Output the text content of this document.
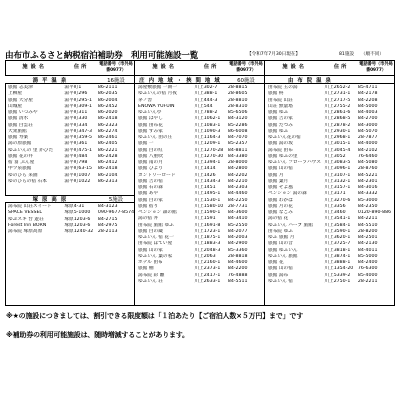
由布市ふるさと納税宿泊補助券　利用可能施設一覧	【令和7年7月30日現在】	81施設　　（順不同）
施設名	住所	電話番号（市外局番0977）
湯平温泉	16施設
旅館 志美津	湯平町1	86-2111
上柳屋	湯平町296	86-2035
旅館 大分屋	湯平町295-1	86-2004
山城屋	湯平町309-1	86-2452
旅館 いづみや	湯平町311	86-2020
旅館 清水	湯平町330	86-2418
旅館 白雲荘	湯平町334	86-2323
大衆旅館	湯平町347-3	86-2274
旅館 寿楽	湯平町359-5	86-2461
湯の原旅館	湯平町361	86-2405
ゆふいんの 里 かひた	湯平町475-1	86-2221
旅館 花の井	湯平町484	86-2428
宿 富 ぶん屋	湯平町798	86-2412
中ツ泉旅館	湯平町63-15	86-2418
ゆのひら 来園	湯平町1007	86-2104
ゆのひらの宿 石本	湯平町1022	86-2313
塚原高原	5施設
湯布院 山荘スイート	塚原4-31	84-3123
SPACE VESSEL	塚原5-1000	090-9677-8574
ゆぷスキ 台 遊荘	塚原1203-6	84-2715
Forest Inn BORN	塚原1203-6	84-2975
湯布院 塚原高原	塚原1240-32 28-2113
施設名	住所	電話番号（市外局番0977）
庄内地域・挾間地域	60施設
湯屋敷旅館 一期一	川上302-7	28-8815
ゆふいんの宿 月夜	川上388-1	28-8605
茅ノ舎	川上444-3	28-8810
ENOWA YUFUIN	川上544	28-8310
ゆふいん亭	川上788-2	85-6506
旅館 はやし	川上1062-1	84-3120
旅館 由布花	川上1083-1	85-2286
旅館 すみ家	川上1090-3	86-6008
ゆふいん 由の庄	川上1164-3	84-7070
旅館 一	川上1209-1	85-2357
旅館 白の紅	川上1270-28 84-8811
旅館 八重吹	川上1270-30 84-3380
旅館 南の月	川上1394-1	28-8000
旅館 ひより	川上1414	84-2800
カントリーロード	川上1426	84-2202
旅館 吉の宿	川上1434-3	84-2210
旅館 石の森	川上1451	84-2303
旅館 あや	川上1495-1	84-4460
旅館 白の家	川上1530-1	84-2250
旅館 宿り	川上1580-10 28-7731
ペンション 森の館	川上1590-1	84-3600
湯の宿 井	川上1591	84-3410
由布院 旅館 ゆふ	川上1691-8	85-2550
旅館 白の蔵	川上1723-1	84-2077
ゆふいん 宿 花一	川上1875-1	84-2003
由布院 ほてい屋	川上1883-3	84-2900
旅館 山の家	川上2048-3	85-3360
ゆふいん 葉の家	川上2063	28-8818
ホテル 由布	川上2160-1	84-4600
旅館 柚	川上2373-1	84-2200
湯布院 彩 離	川上2417-1	76-4888
ゆふいん 荘	川上2633-1	84-5511
施設名	住所	電話番号（市外局番0977）
由布院温泉
由布院 玉の湯	川上2652-2	85-4711
旅館 柊	川上2731-1	84-2178
由布院 山莊	川上2717-5	84-2208
山荘 無量塔	川上2755-2	84-5000
旅館 ゆふ	川上2861-6	84-4003
旅館 吉の家	川上2868-5	84-2700
旅館 たつみ	川上2878-2	84-3000
旅館 ゆふ	川上2930-1	84-5070
ゆふいん花の宿	川上2968-1	28-7877
旅館 湯の坂	川上3015-1	84-4000
湯布院 由布	川上3045-4	84-2102
旅館 ゆふの里	川上3052	76-6460
ゆふいん フローラハウス 川上3083-5	84-5080
旅館 山の宿	川上3096-1	28-8760
旅館 月	川上3107-1	84-5221
旅館 葉月	川上3132-1	84-2301
旅館 そよ風	川上3157-1	84-3016
ペンション 湯の森	川上3171	84-3332
旅館 わかば	川上3270-6	85-3000
旅館 月の花	川上3356	84-2350
旅館 なごみ	川上3460	0120-890-886
湯の宿 花	川上3541-1	84-2211
ゆふいん ハーブ 旅館	川上3584-1	84-5510
由布院 ゆふ	川上3590-1	28-8200
ゆふ 旅館 月	川上3620-1	84-2501
旅館 山の音	川上3725-7	84-2130
旅館 ゆふいん	川上3818-1	84-4011
ゆふいん 旅館	川上3874-1	85-5000
旅館 花	川上3888-1	84-2400
旅館 山の宿	川上1354-20 76-6300
旅館 湯布	川上5339-2	85-4000
ゆふいん 宿	川上2750-1	28-2211
※★の施設につきましては、割引できる限度額は「１泊あたり【ご宿泊人数×５万円】まで」です
※補助券の利用可能施設は、随時増減することがあります。
